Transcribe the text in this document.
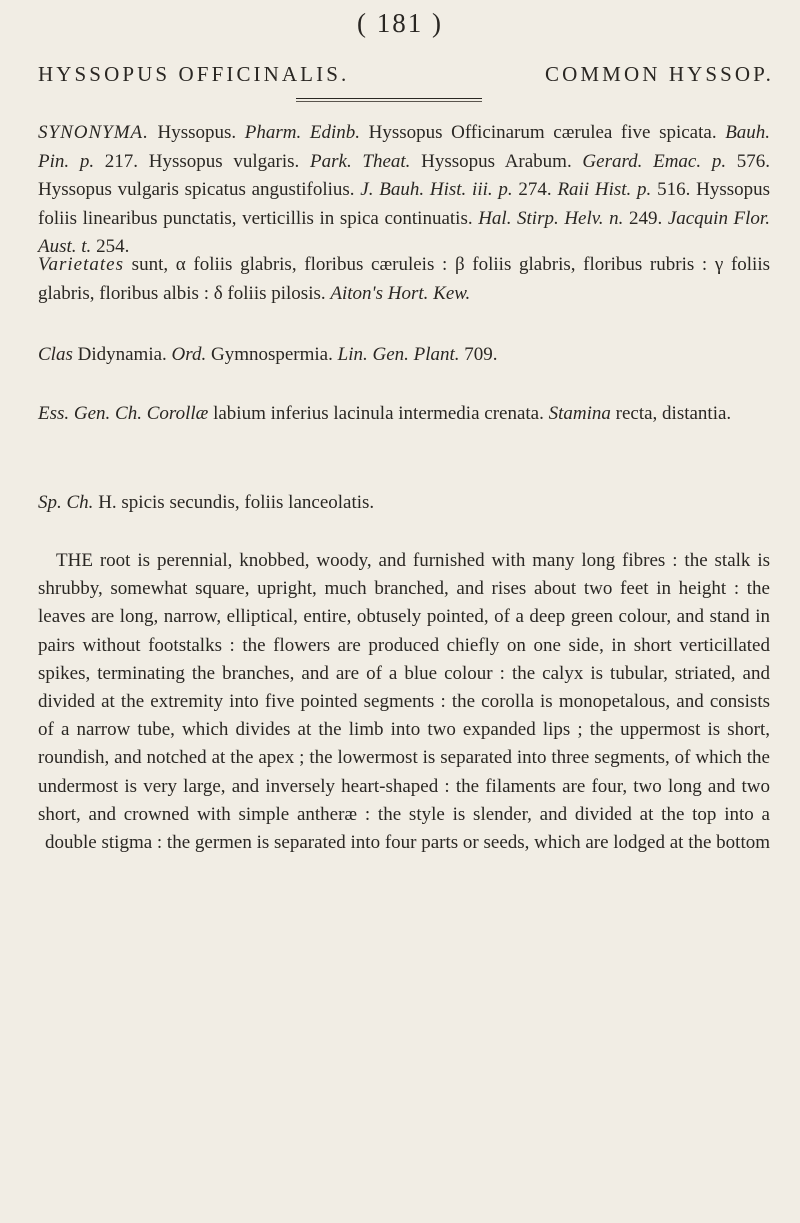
( 181 )
HYSSOPUS OFFICINALIS.	COMMON HYSSOP.

SYNONYMA. Hyssopus. Pharm. Edinb. Hyssopus Officinarum cærulea five spicata. Bauh. Pin. p. 217. Hyssopus vulgaris. Park. Theat. Hyssopus Arabum. Gerard. Emac. p. 576. Hyssopus vulgaris spicatus angustifolius. J. Bauh. Hist. iii. p. 274. Raii Hist. p. 516. Hyssopus foliis linearibus punctatis, verticillis in spica continuatis. Hal. Stirp. Helv. n. 249. Jacquin Flor. Aust. t. 254.

Varietates sunt, α foliis glabris, floribus cæruleis : β foliis glabris, floribus rubris : γ foliis glabris, floribus albis : δ foliis pilosis. Aiton's Hort. Kew.

Clas Didynamia. Ord. Gymnospermia. Lin. Gen. Plant. 709.

Ess. Gen. Ch. Corollæ labium inferius lacinula intermedia crenata. Stamina recta, distantia.

Sp. Ch. H. spicis secundis, foliis lanceolatis.

THE root is perennial, knobbed, woody, and furnished with many long fibres : the stalk is shrubby, somewhat square, upright, much branched, and rises about two feet in height : the leaves are long, narrow, elliptical, entire, obtusely pointed, of a deep green colour, and stand in pairs without footstalks : the flowers are produced chiefly on one side, in short verticillated spikes, terminating the branches, and are of a blue colour : the calyx is tubular, striated, and divided at the extremity into five pointed segments : the corolla is monopetalous, and consists of a narrow tube, which divides at the limb into two expanded lips ; the uppermost is short, roundish, and notched at the apex ; the lowermost is separated into three segments, of which the undermost is very large, and inversely heart-shaped : the filaments are four, two long and two short, and crowned with simple antheræ : the style is slender, and divided at the top into a double stigma : the germen is separated into four parts or seeds, which are lodged at the bottom
